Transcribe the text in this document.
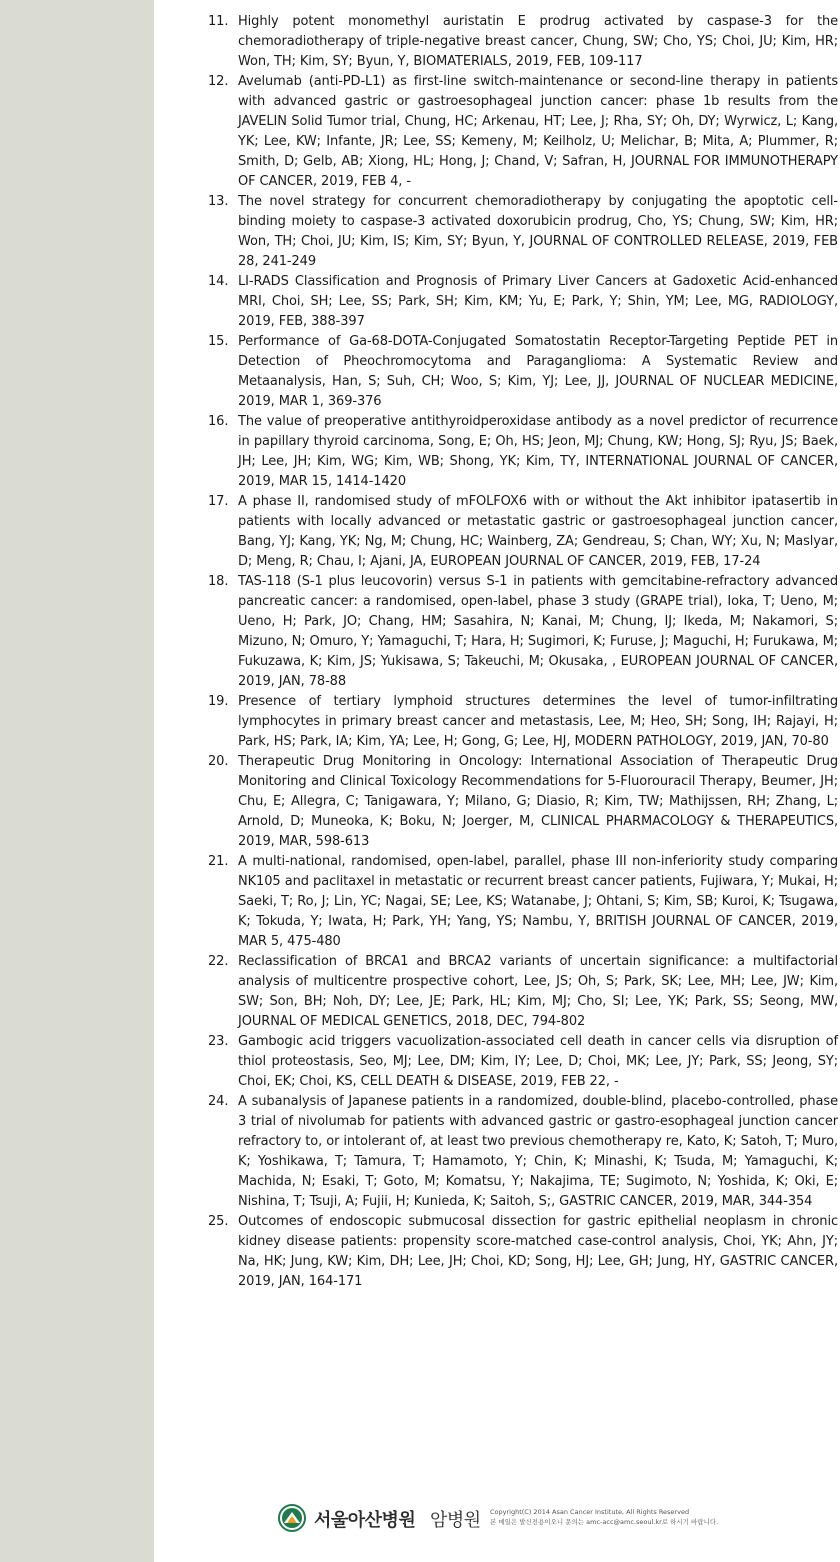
11. Highly potent monomethyl auristatin E prodrug activated by caspase-3 for the chemoradiotherapy of triple-negative breast cancer, Chung, SW; Cho, YS; Choi, JU; Kim, HR; Won, TH; Kim, SY; Byun, Y, BIOMATERIALS, 2019, FEB, 109-117
12. Avelumab (anti-PD-L1) as first-line switch-maintenance or second-line therapy in patients with advanced gastric or gastroesophageal junction cancer: phase 1b results from the JAVELIN Solid Tumor trial, Chung, HC; Arkenau, HT; Lee, J; Rha, SY; Oh, DY; Wyrwicz, L; Kang, YK; Lee, KW; Infante, JR; Lee, SS; Kemeny, M; Keilholz, U; Melichar, B; Mita, A; Plummer, R; Smith, D; Gelb, AB; Xiong, HL; Hong, J; Chand, V; Safran, H, JOURNAL FOR IMMUNOTHERAPY OF CANCER, 2019, FEB 4, -
13. The novel strategy for concurrent chemoradiotherapy by conjugating the apoptotic cell-binding moiety to caspase-3 activated doxorubicin prodrug, Cho, YS; Chung, SW; Kim, HR; Won, TH; Choi, JU; Kim, IS; Kim, SY; Byun, Y, JOURNAL OF CONTROLLED RELEASE, 2019, FEB 28, 241-249
14. LI-RADS Classification and Prognosis of Primary Liver Cancers at Gadoxetic Acid-enhanced MRI, Choi, SH; Lee, SS; Park, SH; Kim, KM; Yu, E; Park, Y; Shin, YM; Lee, MG, RADIOLOGY, 2019, FEB, 388-397
15. Performance of Ga-68-DOTA-Conjugated Somatostatin Receptor-Targeting Peptide PET in Detection of Pheochromocytoma and Paraganglioma: A Systematic Review and Metaanalysis, Han, S; Suh, CH; Woo, S; Kim, YJ; Lee, JJ, JOURNAL OF NUCLEAR MEDICINE, 2019, MAR 1, 369-376
16. The value of preoperative antithyroidperoxidase antibody as a novel predictor of recurrence in papillary thyroid carcinoma, Song, E; Oh, HS; Jeon, MJ; Chung, KW; Hong, SJ; Ryu, JS; Baek, JH; Lee, JH; Kim, WG; Kim, WB; Shong, YK; Kim, TY, INTERNATIONAL JOURNAL OF CANCER, 2019, MAR 15, 1414-1420
17. A phase II, randomised study of mFOLFOX6 with or without the Akt inhibitor ipatasertib in patients with locally advanced or metastatic gastric or gastroesophageal junction cancer, Bang, YJ; Kang, YK; Ng, M; Chung, HC; Wainberg, ZA; Gendreau, S; Chan, WY; Xu, N; Maslyar, D; Meng, R; Chau, I; Ajani, JA, EUROPEAN JOURNAL OF CANCER, 2019, FEB, 17-24
18. TAS-118 (S-1 plus leucovorin) versus S-1 in patients with gemcitabine-refractory advanced pancreatic cancer: a randomised, open-label, phase 3 study (GRAPE trial), Ioka, T; Ueno, M; Ueno, H; Park, JO; Chang, HM; Sasahira, N; Kanai, M; Chung, IJ; Ikeda, M; Nakamori, S; Mizuno, N; Omuro, Y; Yamaguchi, T; Hara, H; Sugimori, K; Furuse, J; Maguchi, H; Furukawa, M; Fukuzawa, K; Kim, JS; Yukisawa, S; Takeuchi, M; Okusaka, , EUROPEAN JOURNAL OF CANCER, 2019, JAN, 78-88
19. Presence of tertiary lymphoid structures determines the level of tumor-infiltrating lymphocytes in primary breast cancer and metastasis, Lee, M; Heo, SH; Song, IH; Rajayi, H; Park, HS; Park, IA; Kim, YA; Lee, H; Gong, G; Lee, HJ, MODERN PATHOLOGY, 2019, JAN, 70-80
20. Therapeutic Drug Monitoring in Oncology: International Association of Therapeutic Drug Monitoring and Clinical Toxicology Recommendations for 5-Fluorouracil Therapy, Beumer, JH; Chu, E; Allegra, C; Tanigawara, Y; Milano, G; Diasio, R; Kim, TW; Mathijssen, RH; Zhang, L; Arnold, D; Muneoka, K; Boku, N; Joerger, M, CLINICAL PHARMACOLOGY & THERAPEUTICS, 2019, MAR, 598-613
21. A multi-national, randomised, open-label, parallel, phase III non-inferiority study comparing NK105 and paclitaxel in metastatic or recurrent breast cancer patients, Fujiwara, Y; Mukai, H; Saeki, T; Ro, J; Lin, YC; Nagai, SE; Lee, KS; Watanabe, J; Ohtani, S; Kim, SB; Kuroi, K; Tsugawa, K; Tokuda, Y; Iwata, H; Park, YH; Yang, YS; Nambu, Y, BRITISH JOURNAL OF CANCER, 2019, MAR 5, 475-480
22. Reclassification of BRCA1 and BRCA2 variants of uncertain significance: a multifactorial analysis of multicentre prospective cohort, Lee, JS; Oh, S; Park, SK; Lee, MH; Lee, JW; Kim, SW; Son, BH; Noh, DY; Lee, JE; Park, HL; Kim, MJ; Cho, SI; Lee, YK; Park, SS; Seong, MW, JOURNAL OF MEDICAL GENETICS, 2018, DEC, 794-802
23. Gambogic acid triggers vacuolization-associated cell death in cancer cells via disruption of thiol proteostasis, Seo, MJ; Lee, DM; Kim, IY; Lee, D; Choi, MK; Lee, JY; Park, SS; Jeong, SY; Choi, EK; Choi, KS, CELL DEATH & DISEASE, 2019, FEB 22, -
24. A subanalysis of Japanese patients in a randomized, double-blind, placebo-controlled, phase 3 trial of nivolumab for patients with advanced gastric or gastro-esophageal junction cancer refractory to, or intolerant of, at least two previous chemotherapy re, Kato, K; Satoh, T; Muro, K; Yoshikawa, T; Tamura, T; Hamamoto, Y; Chin, K; Minashi, K; Tsuda, M; Yamaguchi, K; Machida, N; Esaki, T; Goto, M; Komatsu, Y; Nakajima, TE; Sugimoto, N; Yoshida, K; Oki, E; Nishina, T; Tsuji, A; Fujii, H; Kunieda, K; Saitoh, S;, GASTRIC CANCER, 2019, MAR, 344-354
25. Outcomes of endoscopic submucosal dissection for gastric epithelial neoplasm in chronic kidney disease patients: propensity score-matched case-control analysis, Choi, YK; Ahn, JY; Na, HK; Jung, KW; Kim, DH; Lee, JH; Choi, KD; Song, HJ; Lee, GH; Jung, HY, GASTRIC CANCER, 2019, JAN, 164-171
서울아산병원 암병원 Copyright(C) 2014 Asan Cancer Institute, All Rights Reserved
본 메일은 발신전용이오니 문의는 amc-acc@amc.seoul.kr로 하시기 바랍니다.
